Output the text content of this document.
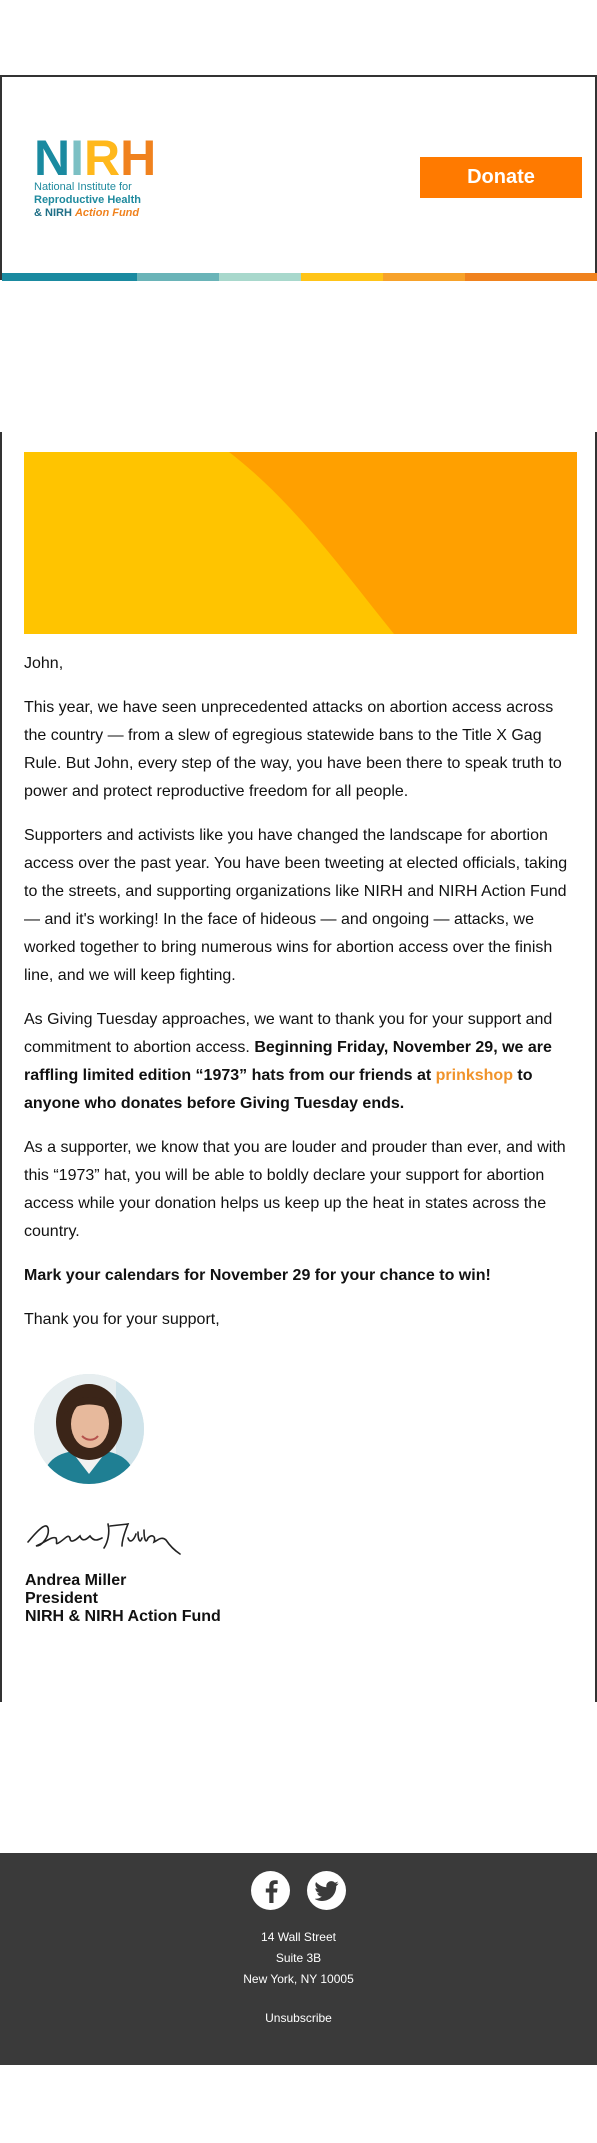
N I R H
National Institute for
Reproductive Health
& NIRH Action Fund
Donate

John,

This year, we have seen unprecedented attacks on abortion access across the country — from a slew of egregious statewide bans to the Title X Gag Rule. But John, every step of the way, you have been there to speak truth to power and protect reproductive freedom for all people.

Supporters and activists like you have changed the landscape for abortion access over the past year. You have been tweeting at elected officials, taking to the streets, and supporting organizations like NIRH and NIRH Action Fund — and it's working! In the face of hideous — and ongoing — attacks, we worked together to bring numerous wins for abortion access over the finish line, and we will keep fighting.

As Giving Tuesday approaches, we want to thank you for your support and commitment to abortion access. Beginning Friday, November 29, we are raffling limited edition “1973” hats from our friends at prinkshop to anyone who donates before Giving Tuesday ends.

As a supporter, we know that you are louder and prouder than ever, and with this “1973” hat, you will be able to boldly declare your support for abortion access while your donation helps us keep up the heat in states across the country.

Mark your calendars for November 29 for your chance to win!

Thank you for your support,

Andrea Miller
President
NIRH & NIRH Action Fund
14 Wall Street
Suite 3B
New York, NY 10005
Unsubscribe
